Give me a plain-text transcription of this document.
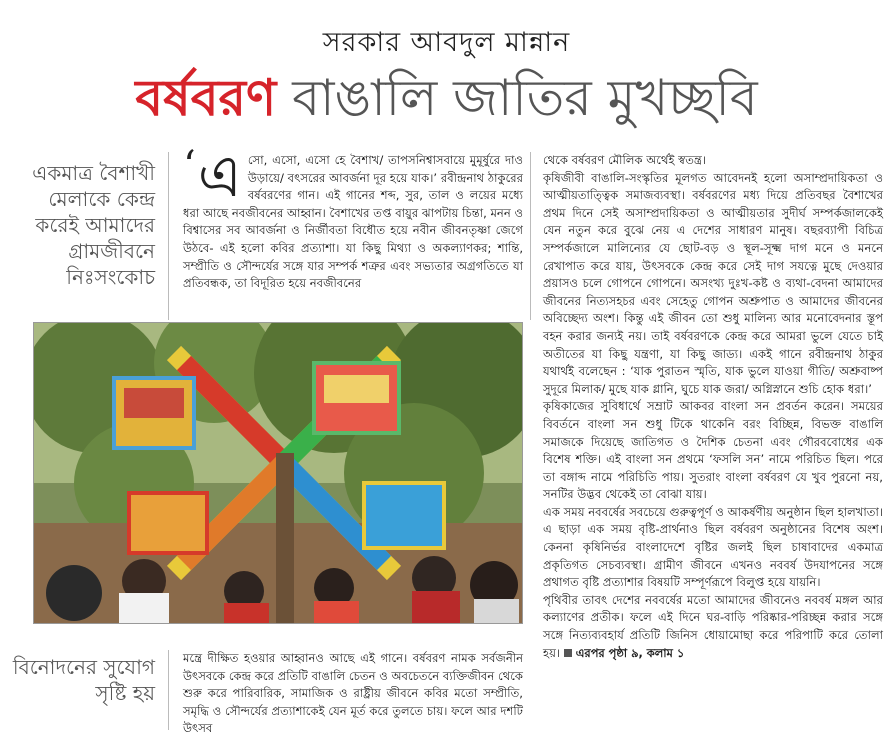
সরকার আবদুল মান্নান
বর্ষবরণ বাঙালি জাতির মুখচ্ছবি
একমাত্র বৈশাখী মেলাকে কেন্দ্র করেই আমাদের গ্রামজীবনে নিঃসংকোচ

‘ এ সো, এসো, এসো হে বৈশাখ/ তাপসনিশ্বাসবায়ে মুমূর্ষুরে দাও উড়ায়ে/ বৎসরের আবর্জনা দূর হয়ে যাক।’ রবীন্দ্রনাথ ঠাকুরের বর্ষবরণের গান। এই গানের শব্দ, সুর, তাল ও লয়ের মধ্যে ধরা আছে নবজীবনের আহ্বান। বৈশাখের তপ্ত বায়ুর ঝাপটায় চিন্তা, মনন ও বিশ্বাসের সব আবর্জনা ও নির্জীবতা বিধৌত হয়ে নবীন জীবনতৃষ্ণা জেগে উঠবে- এই হলো কবির প্রত্যাশা। যা কিছু মিথ্যা ও অকল্যাণকর; শান্তি, সম্প্রীতি ও সৌন্দর্যের সঙ্গে যার সম্পর্ক শত্রুর এবং সভ্যতার অগ্রগতিতে যা প্রতিবন্ধক, তা বিদূরিত হয়ে নবজীবনের

বিনোদনের সুযোগ সৃষ্টি হয়

মন্ত্রে দীক্ষিত হওয়ার আহ্বানও আছে এই গানে। বর্ষবরণ নামক সর্বজনীন উৎসবকে কেন্দ্র করে প্রতিটি বাঙালি চেতন ও অবচেতনে ব্যক্তিজীবন থেকে শুরু করে পারিবারিক, সামাজিক ও রাষ্ট্রীয় জীবনে কবির মতো সম্প্রীতি, সমৃদ্ধি ও সৌন্দর্যের প্রত্যাশাকেই যেন মূর্ত করে তুলতে চায়। ফলে আর দশটি উৎসব

থেকে বর্ষবরণ মৌলিক অর্থেই স্বতন্ত্র।

কৃষিজীবী বাঙালি-সংস্কৃতির মূলগত আবেদনই হলো অসাম্প্রদায়িকতা ও আত্মীয়তাত্ত্বিক সমাজব্যবস্থা। বর্ষবরণের মধ্য দিয়ে প্রতিবছর বৈশাখের প্রথম দিনে সেই অসাম্প্রদায়িকতা ও আত্মীয়তার সুদীর্ঘ সম্পর্কজালকেই যেন নতুন করে বুঝে নেয় এ দেশের সাধারণ মানুষ। বছরব্যাপী বিচিত্র সম্পর্কজালে মালিন্যের যে ছোট-বড় ও স্থূল-সূক্ষ্ম দাগ মনে ও মননে রেখাপাত করে যায়, উৎসবকে কেন্দ্র করে সেই দাগ সযত্নে মুছে দেওয়ার প্রয়াসও চলে গোপনে গোপনে। অসংখ্য দুঃখ-কষ্ট ও ব্যথা-বেদনা আমাদের জীবনের নিত্যসহচর এবং সেহেতু গোপন অশ্রুপাত ও আমাদের জীবনের অবিচ্ছেদ্য অংশ। কিন্তু এই জীবন তো শুধু মালিন্য আর মনোবেদনার স্তূপ বহন করার জন্যই নয়। তাই বর্ষবরণকে কেন্দ্র করে আমরা ভুলে যেতে চাই অতীতের যা কিছু যন্ত্রণা, যা কিছু জাড্য। একই গানে রবীন্দ্রনাথ ঠাকুর যথার্থই বলেছেন : ‘যাক পুরাতন স্মৃতি, যাক ভুলে যাওয়া গীতি/ অশ্রুবাষ্প সুদূরে মিলাক/ মুছে যাক গ্লানি, ঘুচে যাক জরা/ অগ্নিস্নানে শুচি হোক ধরা।’

কৃষিকাজের সুবিধার্থে সম্রাট আকবর বাংলা সন প্রবর্তন করেন। সময়ের বিবর্তনে বাংলা সন শুধু টিকে থাকেনি বরং বিচ্ছিন্ন, বিভক্ত বাঙালি সমাজকে দিয়েছে জাতিগত ও দৈশিক চেতনা এবং গৌরববোধের এক বিশেষ শক্তি। এই বাংলা সন প্রথমে ‘ফসলি সন’ নামে পরিচিত ছিল। পরে তা বঙ্গাব্দ নামে পরিচিতি পায়। সুতরাং বাংলা বর্ষবরণ যে খুব পুরনো নয়, সনটির উদ্ভব থেকেই তা বোঝা যায়।

এক সময় নববর্ষের সবচেয়ে গুরুত্বপূর্ণ ও আকর্ষণীয় অনুষ্ঠান ছিল হালখাতা। এ ছাড়া এক সময় বৃষ্টি-প্রার্থনাও ছিল বর্ষবরণ অনুষ্ঠানের বিশেষ অংশ। কেননা কৃষিনির্ভর বাংলাদেশে বৃষ্টির জলই ছিল চাষাবাদের একমাত্র প্রকৃতিগত সেচব্যবস্থা। গ্রামীণ জীবনে এখনও নববর্ষ উদযাপনের সঙ্গে প্রথাগত বৃষ্টি প্রত্যাশার বিষয়টি সম্পূর্ণরূপে বিলুপ্ত হয়ে যায়নি।

পৃথিবীর তাবৎ দেশের নববর্ষের মতো আমাদের জীবনেও নববর্ষ মঙ্গল আর কল্যাণের প্রতীক। ফলে এই দিনে ঘর-বাড়ি পরিষ্কার-পরিচ্ছন্ন করার সঙ্গে সঙ্গে নিত্যব্যবহার্য প্রতিটি জিনিস ধোয়ামোছা করে পরিপাটি করে তোলা হয়। এরপর পৃষ্ঠা ৯, কলাম ১
